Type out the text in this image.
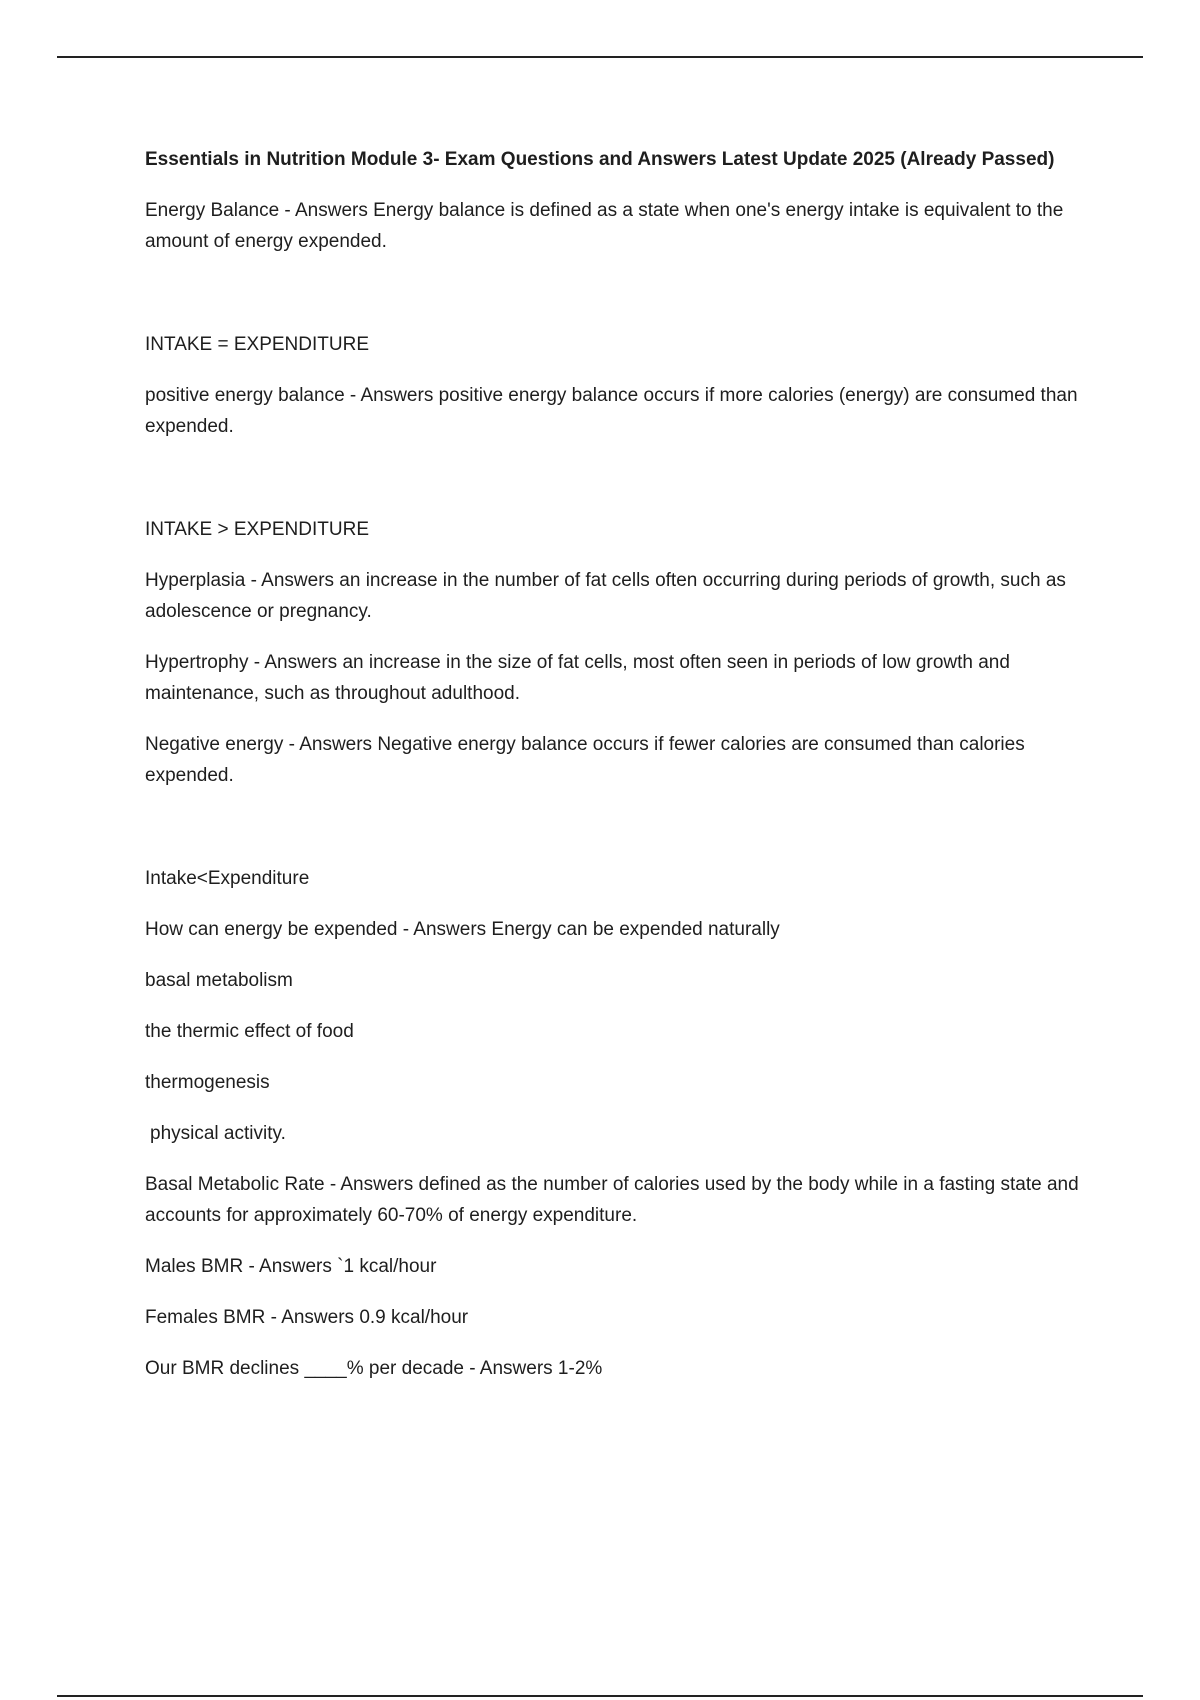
Essentials in Nutrition Module 3- Exam Questions and Answers Latest Update 2025 (Already Passed)
Energy Balance - Answers Energy balance is defined as a state when one's energy intake is equivalent to the amount of energy expended.
INTAKE = EXPENDITURE
positive energy balance - Answers positive energy balance occurs if more calories (energy) are consumed than expended.
INTAKE > EXPENDITURE
Hyperplasia - Answers an increase in the number of fat cells often occurring during periods of growth, such as adolescence or pregnancy.
Hypertrophy - Answers an increase in the size of fat cells, most often seen in periods of low growth and maintenance, such as throughout adulthood.
Negative energy - Answers Negative energy balance occurs if fewer calories are consumed than calories expended.
Intake<Expenditure
How can energy be expended - Answers Energy can be expended naturally
basal metabolism
the thermic effect of food
thermogenesis
physical activity.
Basal Metabolic Rate - Answers defined as the number of calories used by the body while in a fasting state and accounts for approximately 60-70% of energy expenditure.
Males BMR - Answers `1 kcal/hour
Females BMR - Answers 0.9 kcal/hour
Our BMR declines ____% per decade - Answers 1-2%
